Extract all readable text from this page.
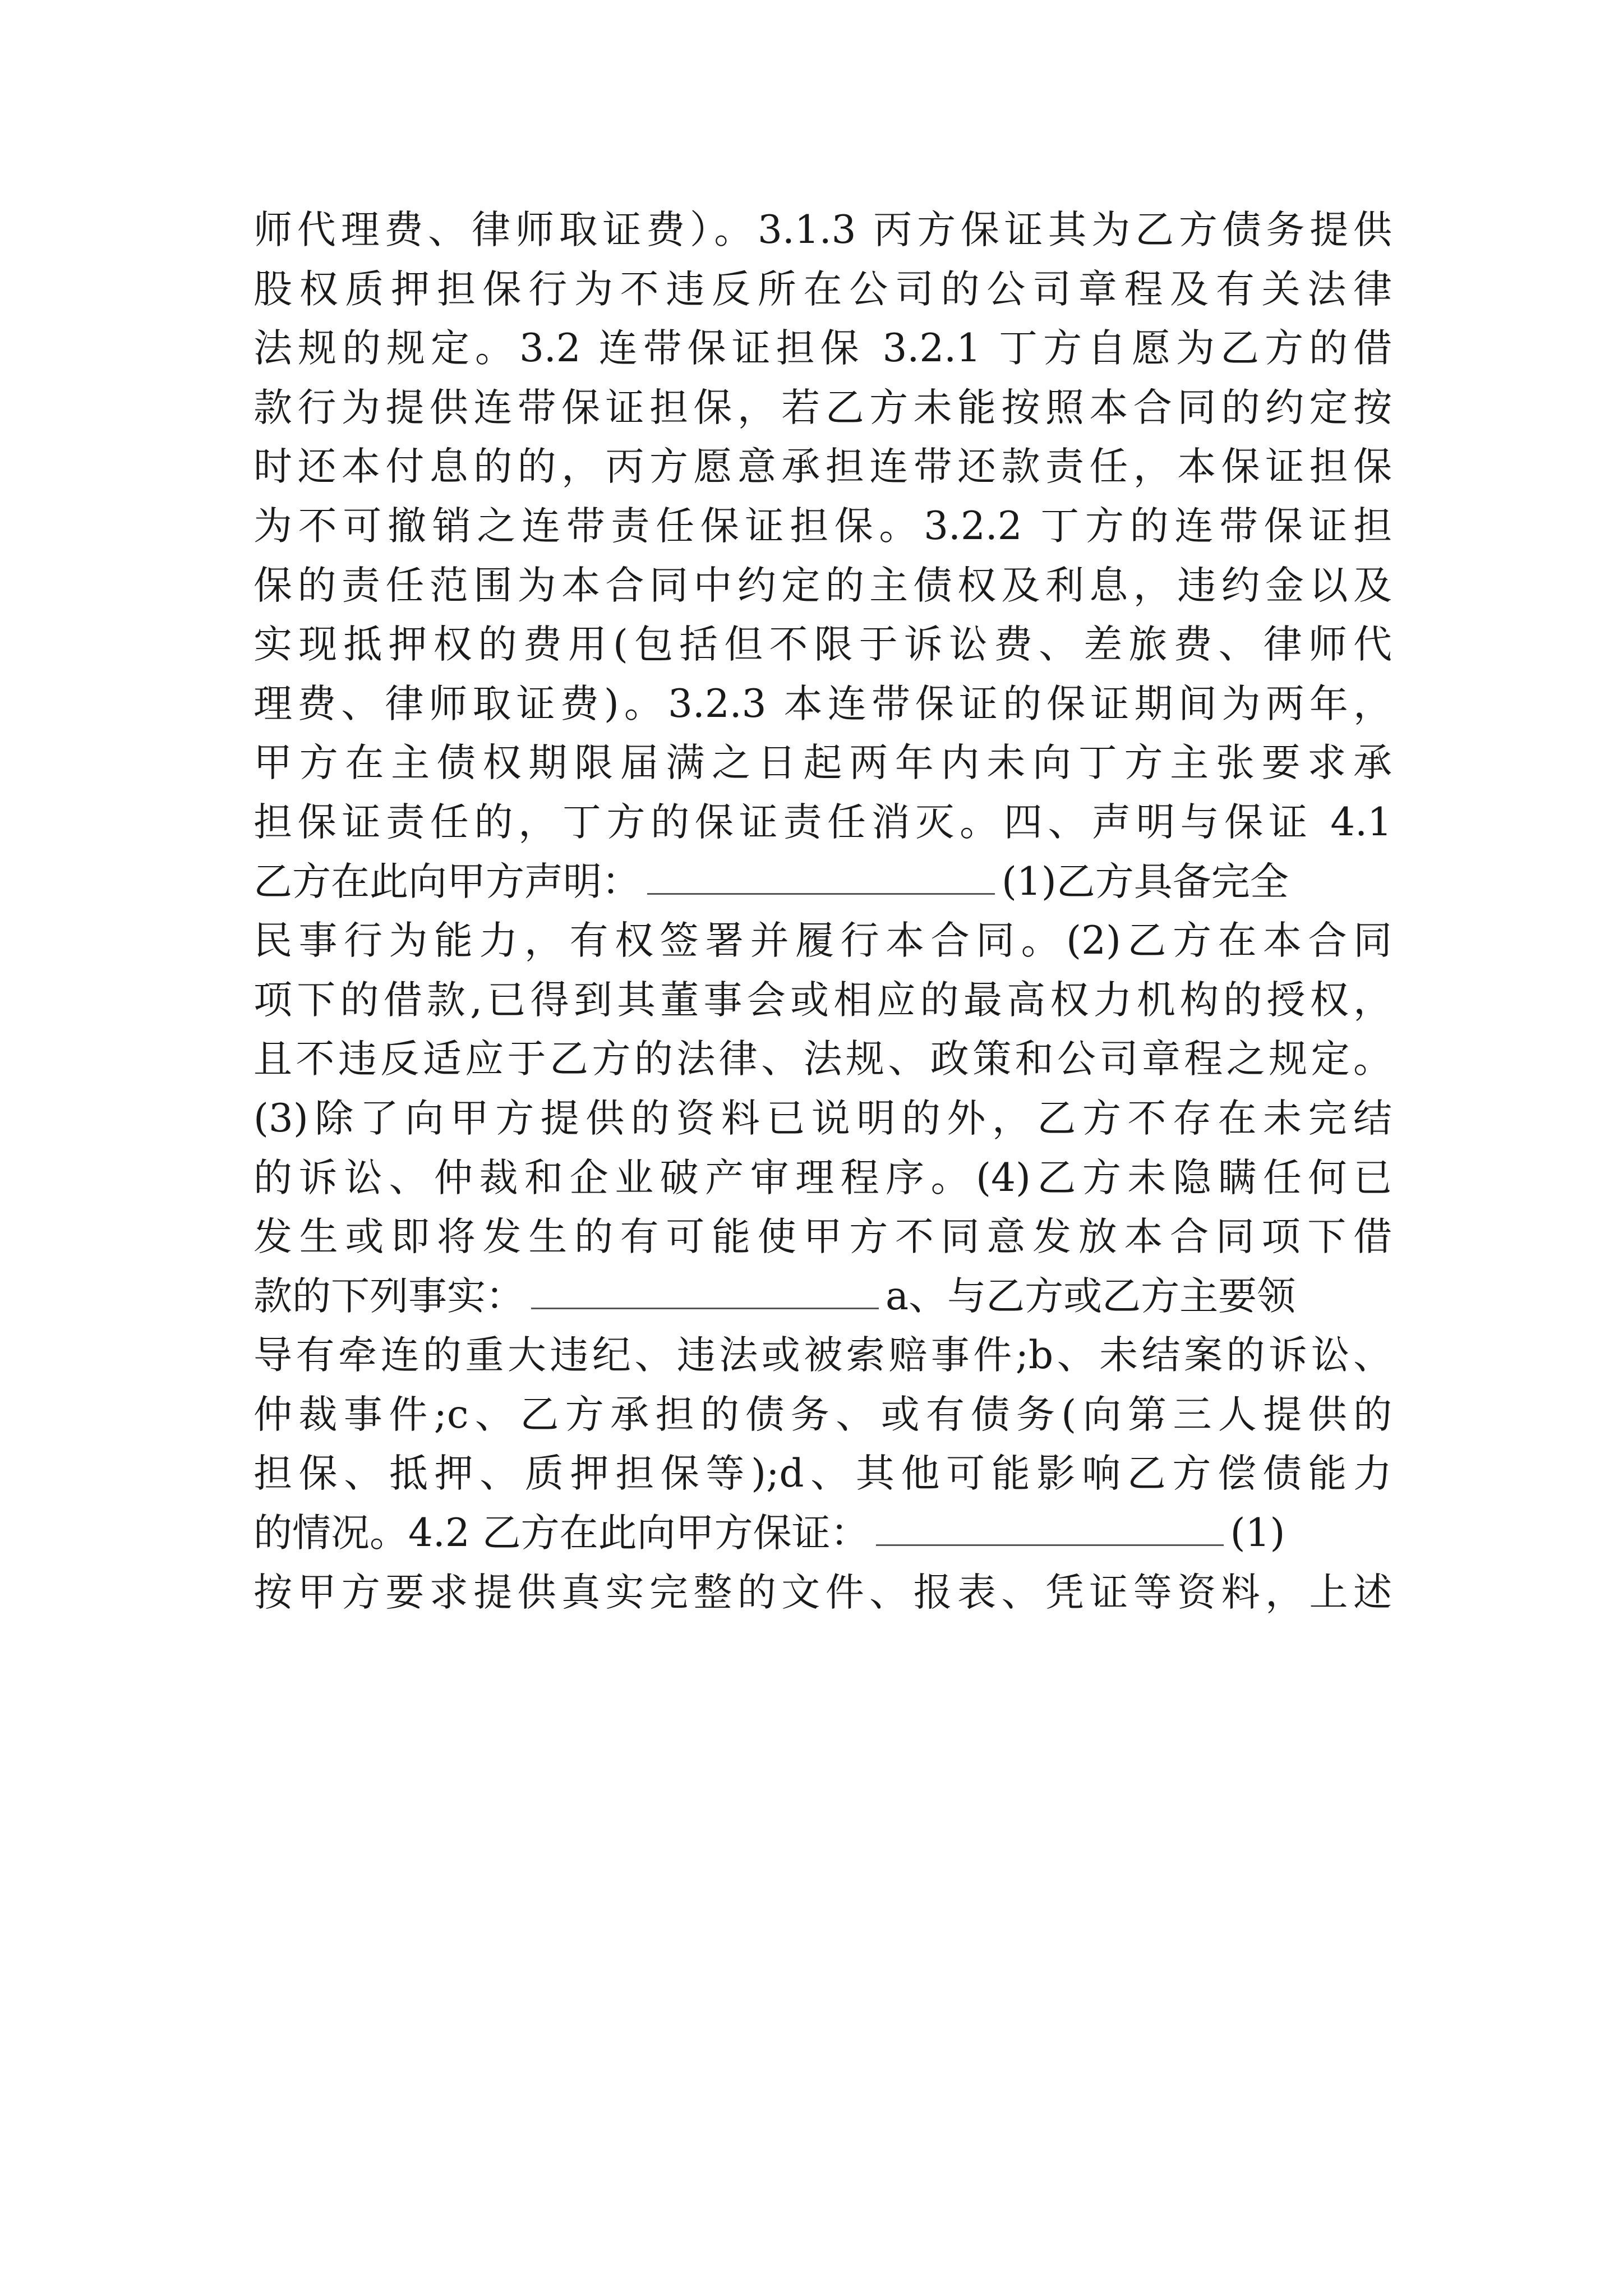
师代理费、律师取证费）。3.1.3 丙方保证其为乙方债务提供
股权质押担保行为不违反所在公司的公司章程及有关法律
法规的规定。3.2 连带保证担保 3.2.1 丁方自愿为乙方的借
款行为提供连带保证担保，若乙方未能按照本合同的约定按
时还本付息的的，丙方愿意承担连带还款责任，本保证担保
为不可撤销之连带责任保证担保。3.2.2 丁方的连带保证担
保的责任范围为本合同中约定的主债权及利息，违约金以及
实现抵押权的费用(包括但不限于诉讼费、差旅费、律师代
理费、律师取证费)。3.2.3 本连带保证的保证期间为两年，
甲方在主债权期限届满之日起两年内未向丁方主张要求承
担保证责任的，丁方的保证责任消灭。四、声明与保证 4.1
乙方在此向甲方声明：	(1)乙方具备完全
民事行为能力，有权签署并履行本合同。(2)乙方在本合同
项下的借款,已得到其董事会或相应的最高权力机构的授权，
且不违反适应于乙方的法律、法规、政策和公司章程之规定。
(3)除了向甲方提供的资料已说明的外，乙方不存在未完结
的诉讼、仲裁和企业破产审理程序。(4)乙方未隐瞒任何已
发生或即将发生的有可能使甲方不同意发放本合同项下借
款的下列事实：	a、与乙方或乙方主要领
导有牵连的重大违纪、违法或被索赔事件;b、未结案的诉讼、
仲裁事件;c、乙方承担的债务、或有债务(向第三人提供的
担保、抵押、质押担保等);d、其他可能影响乙方偿债能力
的情况。4.2 乙方在此向甲方保证：	(1)
按甲方要求提供真实完整的文件、报表、凭证等资料，上述
